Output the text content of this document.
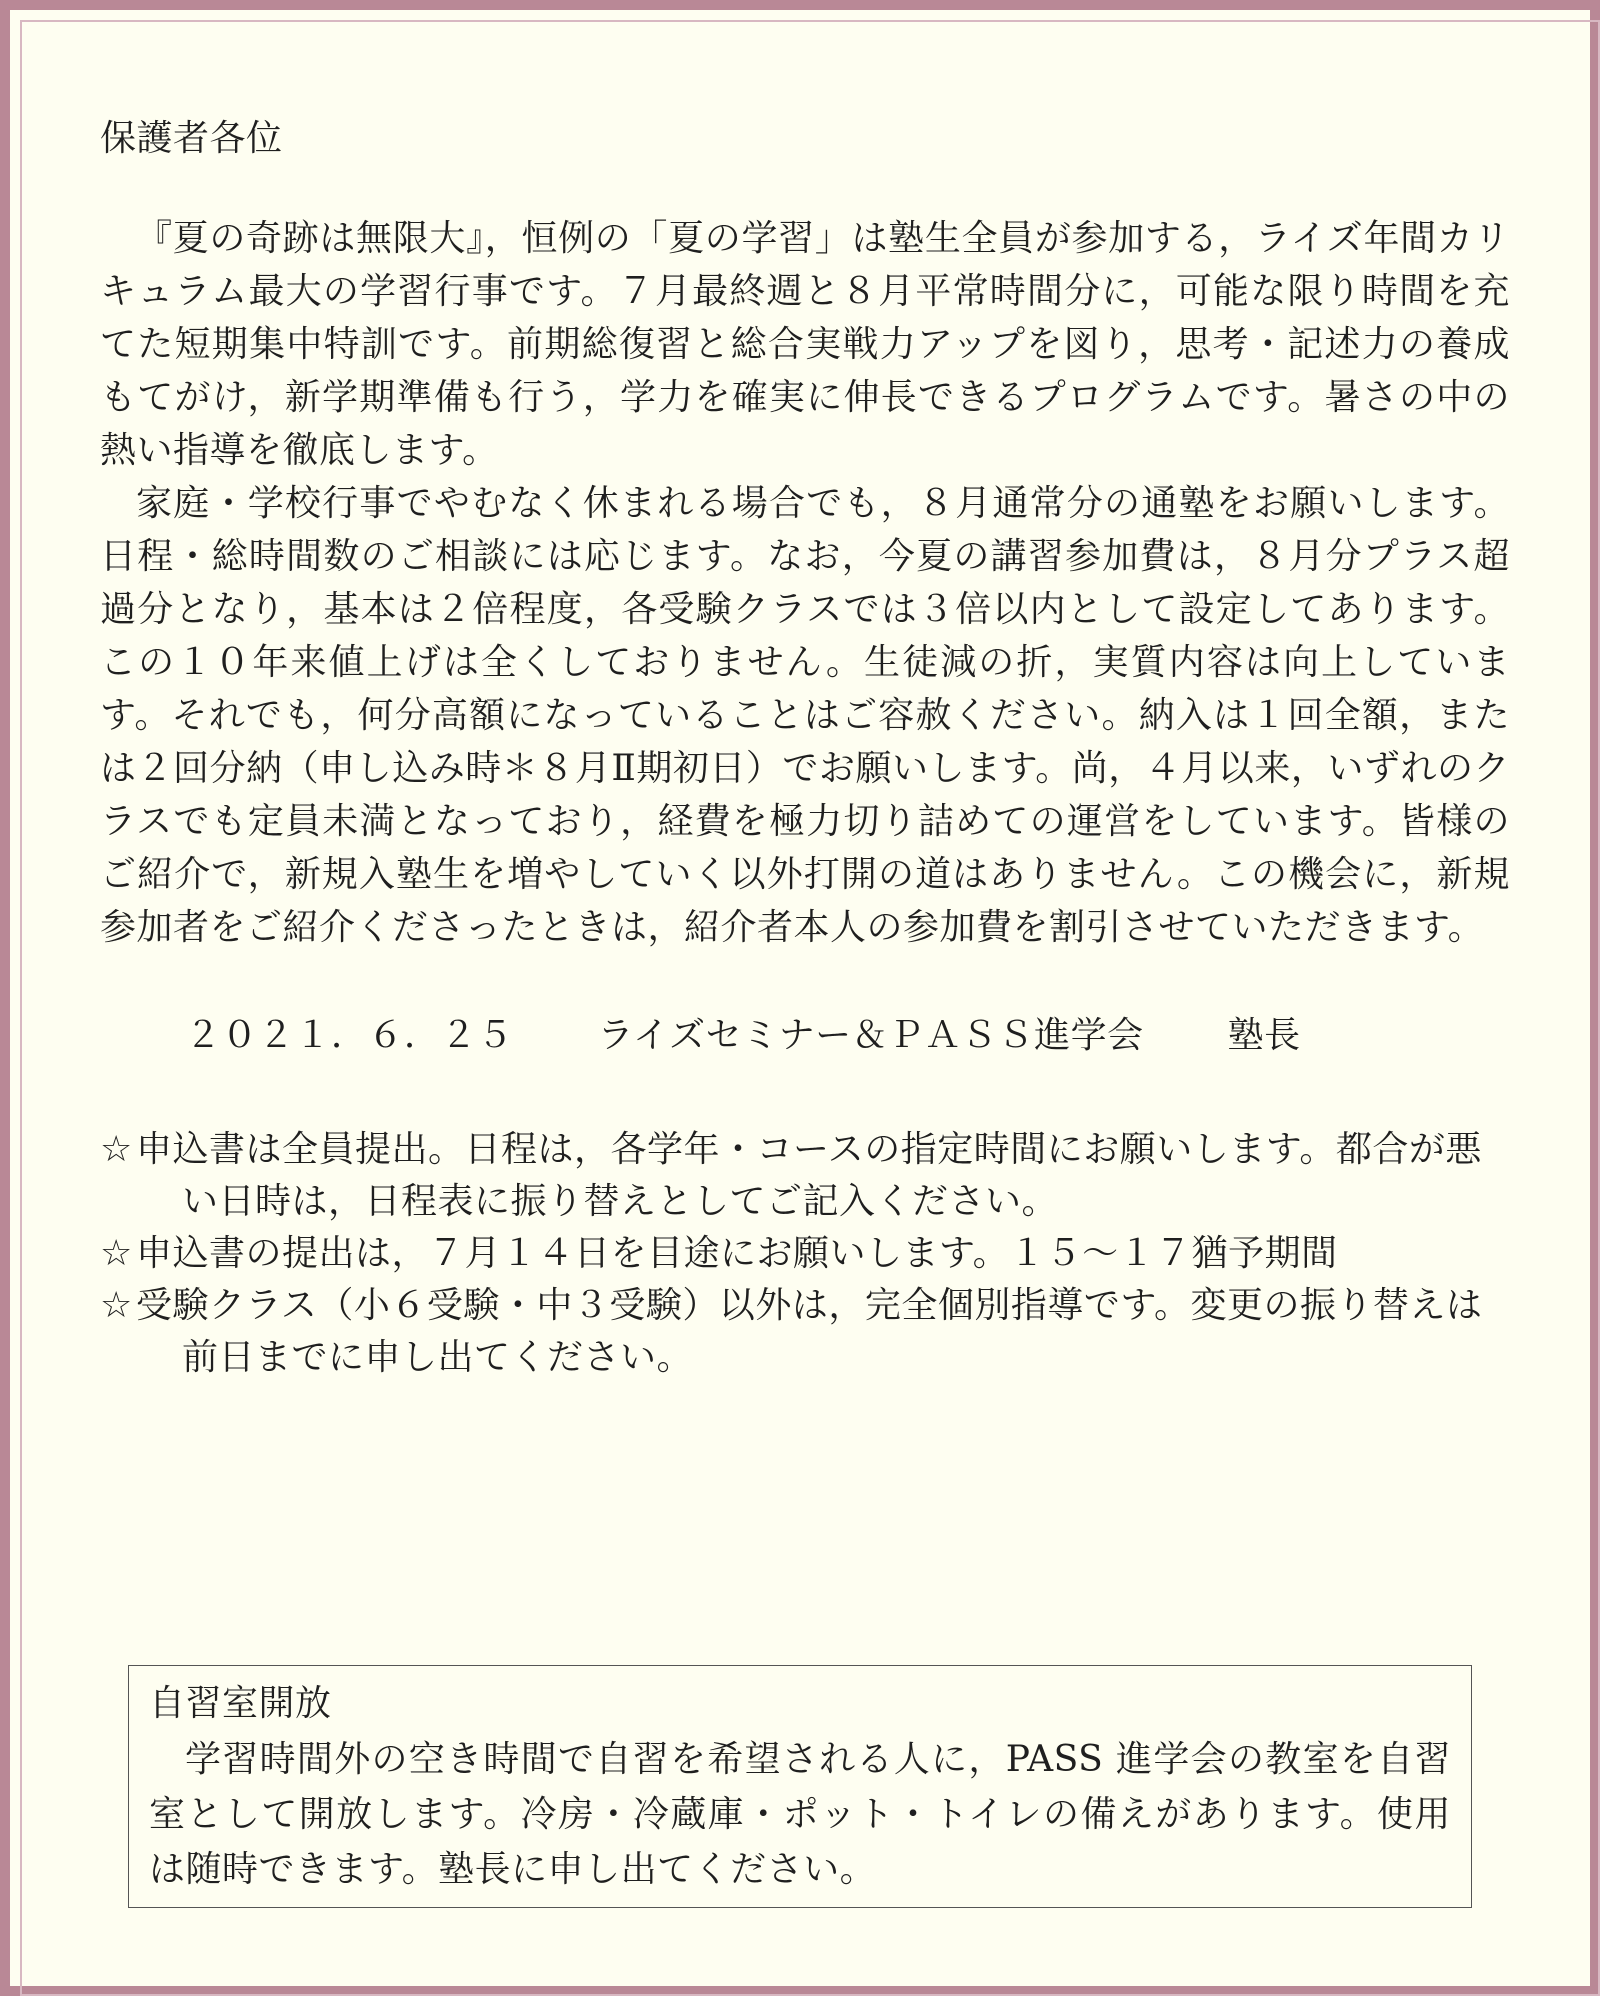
保護者各位

『夏の奇跡は無限大』，恒例の「夏の学習」は塾生全員が参加する，ライズ年間カリキュラム最大の学習行事です。７月最終週と８月平常時間分に，可能な限り時間を充てた短期集中特訓です。前期総復習と総合実戦力アップを図り，思考・記述力の養成もてがけ，新学期準備も行う，学力を確実に伸長できるプログラムです。暑さの中の熱い指導を徹底します。

家庭・学校行事でやむなく休まれる場合でも，８月通常分の通塾をお願いします。日程・総時間数のご相談には応じます。なお，今夏の講習参加費は，８月分プラス超過分となり，基本は２倍程度，各受験クラスでは３倍以内として設定してあります。この１０年来値上げは全くしておりません。生徒減の折，実質内容は向上しています。それでも，何分高額になっていることはご容赦ください。納入は１回全額，または２回分納（申し込み時＊８月Ⅱ期初日）でお願いします。尚，４月以来，いずれのクラスでも定員未満となっており，経費を極力切り詰めての運営をしています。皆様のご紹介で，新規入塾生を増やしていく以外打開の道はありません。この機会に，新規参加者をご紹介くださったときは，紹介者本人の参加費を割引させていただきます。

２０２１．６．２５ ライズセミナー＆ＰＡＳＳ進学会 塾長
☆ 申込書は全員提出。日程は，各学年・コースの指定時間にお願いします。都合が悪い日時は，日程表に振り替えとしてご記入ください。
☆ 申込書の提出は，７月１４日を目途にお願いします。１５〜１７猶予期間
☆ 受験クラス（小６受験・中３受験）以外は，完全個別指導です。変更の振り替えは前日までに申し出てください。
自習室開放
学習時間外の空き時間で自習を希望される人に，PASS 進学会の教室を自習室として開放します。冷房・冷蔵庫・ポット・トイレの備えがあります。使用は随時できます。塾長に申し出てください。
